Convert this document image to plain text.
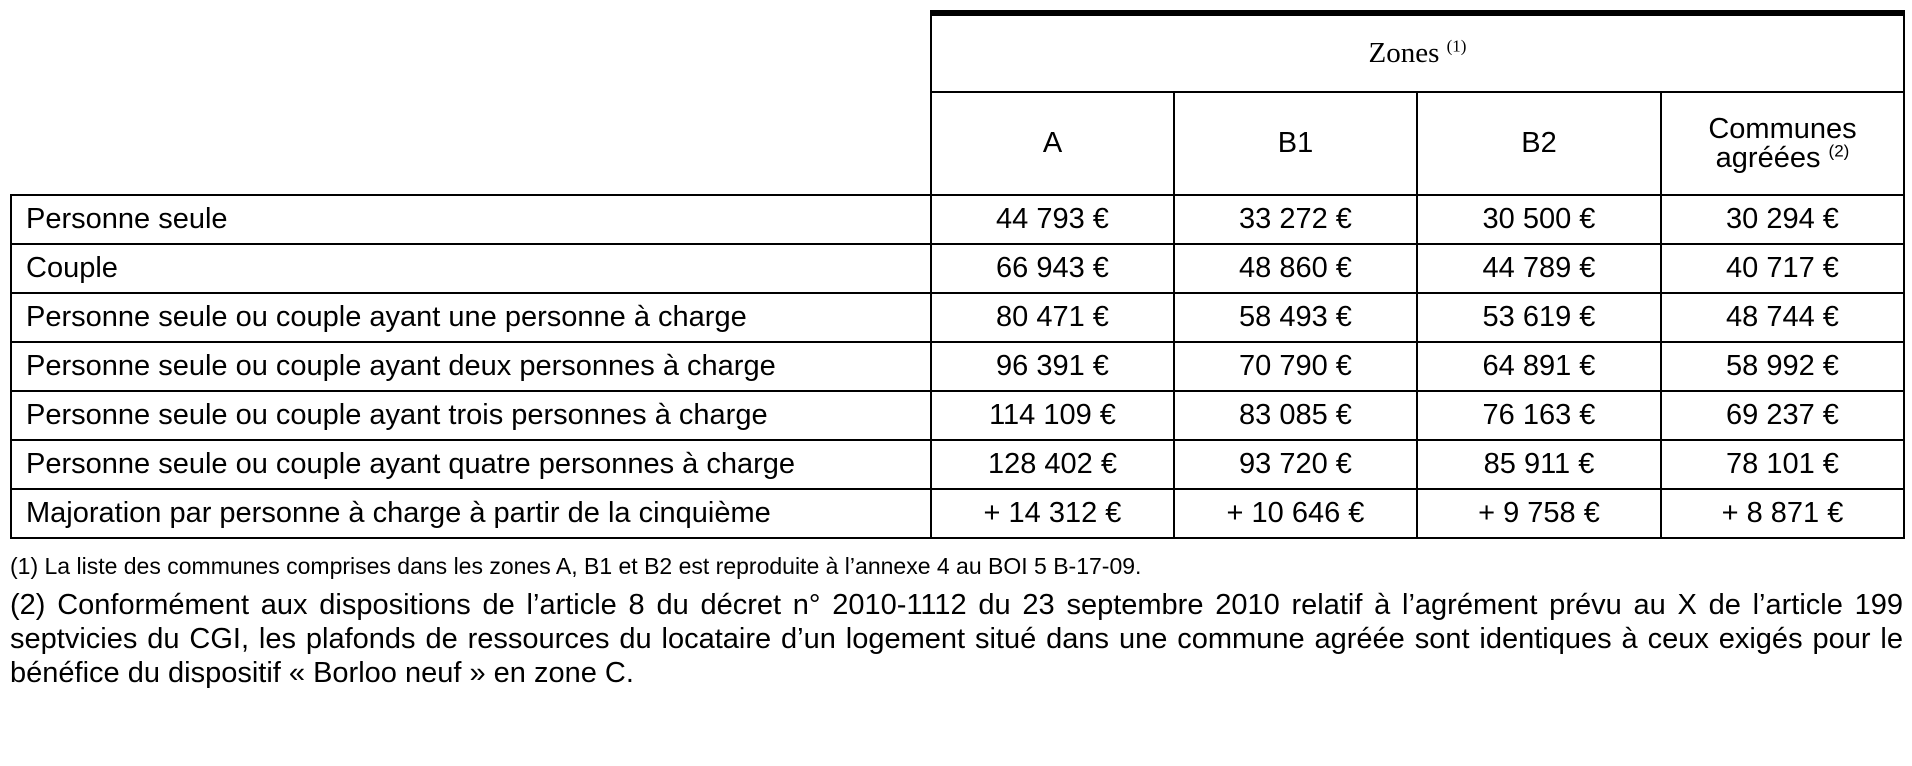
	Zones $^{(1)}$
	A	B1	B2	Communes
agréées $^{(2)}$
Personne seule	44 793 €	33 272 €	30 500 €	30 294 €
Couple	66 943 €	48 860 €	44 789 €	40 717 €
Personne seule ou couple ayant une personne à charge	80 471 €	58 493 €	53 619 €	48 744 €
Personne seule ou couple ayant deux personnes à charge	96 391 €	70 790 €	64 891 €	58 992 €
Personne seule ou couple ayant trois personnes à charge	114 109 €	83 085 €	76 163 €	69 237 €
Personne seule ou couple ayant quatre personnes à charge	128 402 €	93 720 €	85 911 €	78 101 €
Majoration par personne à charge à partir de la cinquième	+ 14 312 €	+ 10 646 €	+ 9 758 €	+ 8 871 €
(1) La liste des communes comprises dans les zones A, B1 et B2 est reproduite à l’annexe 4 au BOI 5 B-17-09.
(2) Conformément aux dispositions de l’article 8 du décret n° 2010-1112 du 23 septembre 2010 relatif à l’agrément prévu au X de l’article 199 septvicies du CGI, les plafonds de ressources du locataire d’un logement situé dans une commune agréée sont identiques à ceux exigés pour le bénéfice du dispositif « Borloo neuf » en zone C.
